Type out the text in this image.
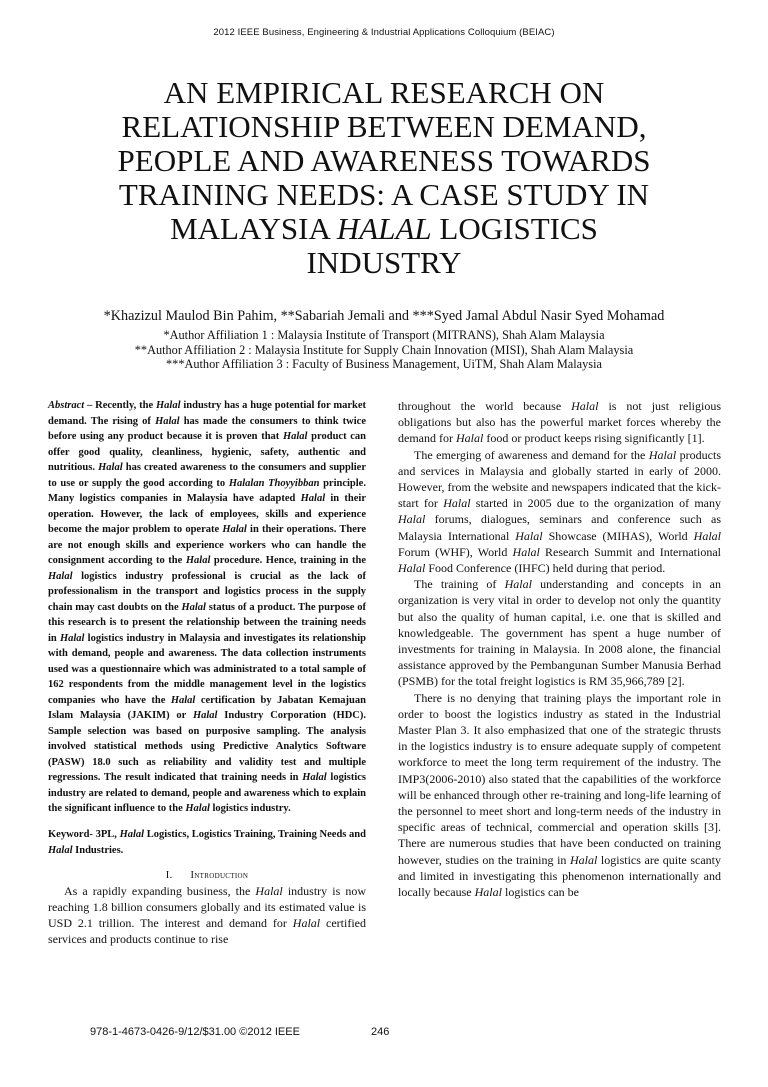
2012 IEEE Business, Engineering & Industrial Applications Colloquium (BEIAC)
AN EMPIRICAL RESEARCH ON
RELATIONSHIP BETWEEN DEMAND,
PEOPLE AND AWARENESS TOWARDS
TRAINING NEEDS: A CASE STUDY IN
MALAYSIA HALAL LOGISTICS
INDUSTRY
*Khazizul Maulod Bin Pahim, **Sabariah Jemali and ***Syed Jamal Abdul Nasir Syed Mohamad
*Author Affiliation 1 : Malaysia Institute of Transport (MITRANS), Shah Alam Malaysia
**Author Affiliation 2 : Malaysia Institute for Supply Chain Innovation (MISI), Shah Alam Malaysia
***Author Affiliation 3 : Faculty of Business Management, UiTM, Shah Alam Malaysia

Abstract – Recently, the Halal industry has a huge potential for market demand. The rising of Halal has made the consumers to think twice before using any product because it is proven that Halal product can offer good quality, cleanliness, hygienic, safety, authentic and nutritious. Halal has created awareness to the consumers and supplier to use or supply the good according to Halalan Thoyyibban principle. Many logistics companies in Malaysia have adapted Halal in their operation. However, the lack of employees, skills and experience become the major problem to operate Halal in their operations. There are not enough skills and experience workers who can handle the consignment according to the Halal procedure. Hence, training in the Halal logistics industry professional is crucial as the lack of professionalism in the transport and logistics process in the supply chain may cast doubts on the Halal status of a product. The purpose of this research is to present the relationship between the training needs in Halal logistics industry in Malaysia and investigates its relationship with demand, people and awareness. The data collection instruments used was a questionnaire which was administrated to a total sample of 162 respondents from the middle management level in the logistics companies who have the Halal certification by Jabatan Kemajuan Islam Malaysia (JAKIM) or Halal Industry Corporation (HDC). Sample selection was based on purposive sampling. The analysis involved statistical methods using Predictive Analytics Software (PASW) 18.0 such as reliability and validity test and multiple regressions. The result indicated that training needs in Halal logistics industry are related to demand, people and awareness which to explain the significant influence to the Halal logistics industry.

Keyword- 3PL, Halal Logistics, Logistics Training, Training Needs and Halal Industries.

I. Introduction

As a rapidly expanding business, the Halal industry is now reaching 1.8 billion consumers globally and its estimated value is USD 2.1 trillion. The interest and demand for Halal certified services and products continue to rise

throughout the world because Halal is not just religious obligations but also has the powerful market forces whereby the demand for Halal food or product keeps rising significantly [1].

The emerging of awareness and demand for the Halal products and services in Malaysia and globally started in early of 2000. However, from the website and newspapers indicated that the kick-start for Halal started in 2005 due to the organization of many Halal forums, dialogues, seminars and conference such as Malaysia International Halal Showcase (MIHAS), World Halal Forum (WHF), World Halal Research Summit and International Halal Food Conference (IHFC) held during that period.

The training of Halal understanding and concepts in an organization is very vital in order to develop not only the quantity but also the quality of human capital, i.e. one that is skilled and knowledgeable. The government has spent a huge number of investments for training in Malaysia. In 2008 alone, the financial assistance approved by the Pembangunan Sumber Manusia Berhad (PSMB) for the total freight logistics is RM 35,966,789 [2].

There is no denying that training plays the important role in order to boost the logistics industry as stated in the Industrial Master Plan 3. It also emphasized that one of the strategic thrusts in the logistics industry is to ensure adequate supply of competent workforce to meet the long term requirement of the industry. The IMP3(2006-2010) also stated that the capabilities of the workforce will be enhanced through other re-training and long-life learning of the personnel to meet short and long-term needs of the industry in specific areas of technical, commercial and operation skills [3]. There are numerous studies that have been conducted on training however, studies on the training in Halal logistics are quite scanty and limited in investigating this phenomenon internationally and locally because Halal logistics can be

978-1-4673-0426-9/12/$31.00 ©2012 IEEE	246
